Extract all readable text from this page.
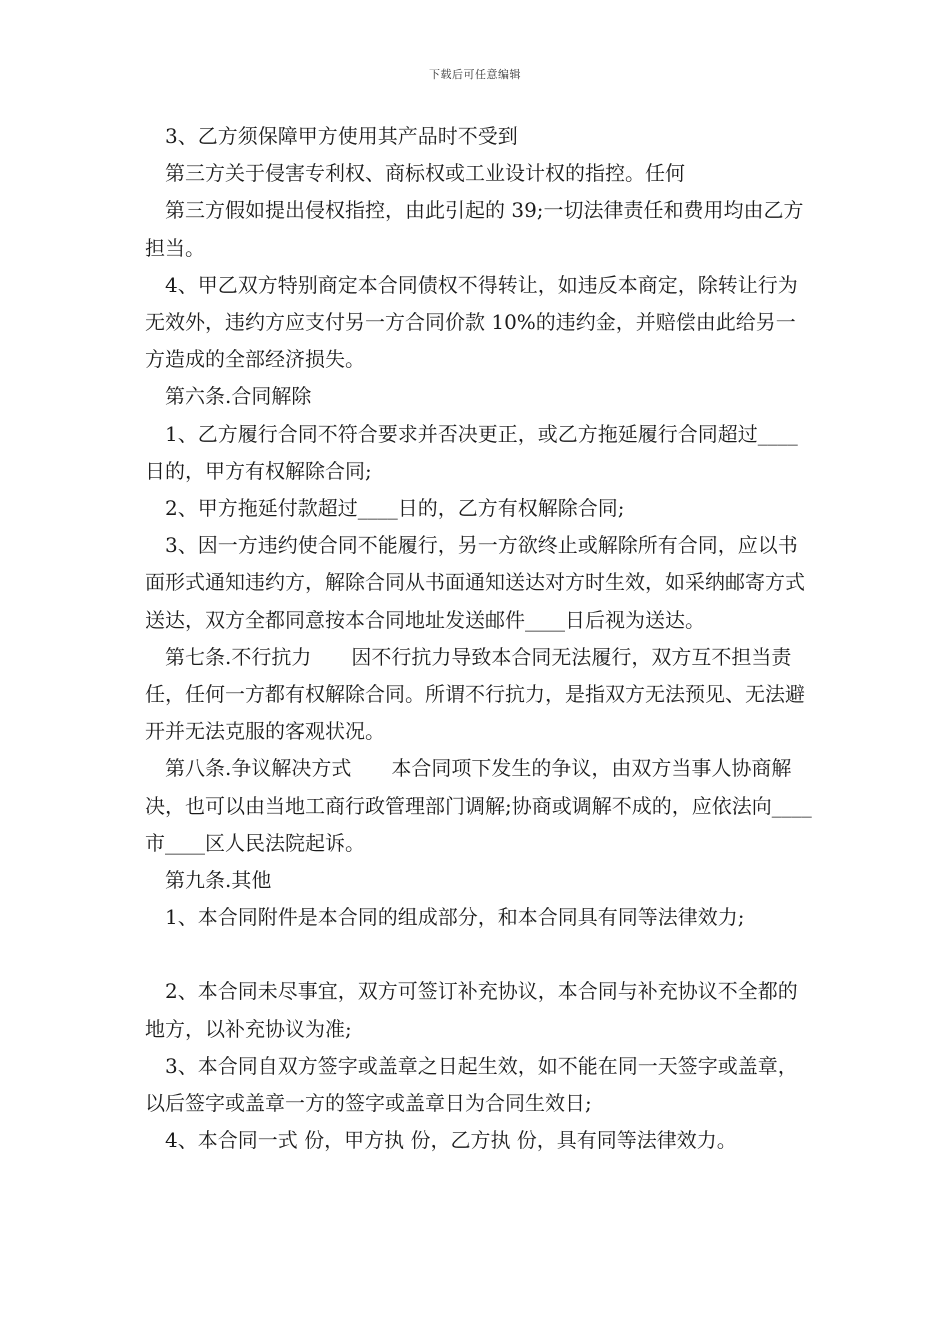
下载后可任意编辑

3、乙方须保障甲方使用其产品时不受到

第三方关于侵害专利权、商标权或工业设计权的指控。任何

第三方假如提出侵权指控，由此引起的 39;一切法律责任和费用均由乙方担当。

4、甲乙双方特别商定本合同债权不得转让，如违反本商定，除转让行为无效外，违约方应支付另一方合同价款 10%的违约金，并赔偿由此给另一方造成的全部经济损失。

第六条.合同解除

1、乙方履行合同不符合要求并否决更正，或乙方拖延履行合同超过____日的，甲方有权解除合同;

2、甲方拖延付款超过____日的，乙方有权解除合同;

3、因一方违约使合同不能履行，另一方欲终止或解除所有合同，应以书面形式通知违约方，解除合同从书面通知送达对方时生效，如采纳邮寄方式送达，双方全都同意按本合同地址发送邮件____日后视为送达。

第七条.不行抗力　　因不行抗力导致本合同无法履行，双方互不担当责任，任何一方都有权解除合同。所谓不行抗力，是指双方无法预见、无法避开并无法克服的客观状况。

第八条.争议解决方式　　本合同项下发生的争议，由双方当事人协商解决，也可以由当地工商行政管理部门调解;协商或调解不成的，应依法向____市____区人民法院起诉。

第九条.其他

1、本合同附件是本合同的组成部分，和本合同具有同等法律效力;

2、本合同未尽事宜，双方可签订补充协议，本合同与补充协议不全都的地方，以补充协议为准;

3、本合同自双方签字或盖章之日起生效，如不能在同一天签字或盖章，以后签字或盖章一方的签字或盖章日为合同生效日;

4、本合同一式 份，甲方执 份，乙方执 份，具有同等法律效力。
